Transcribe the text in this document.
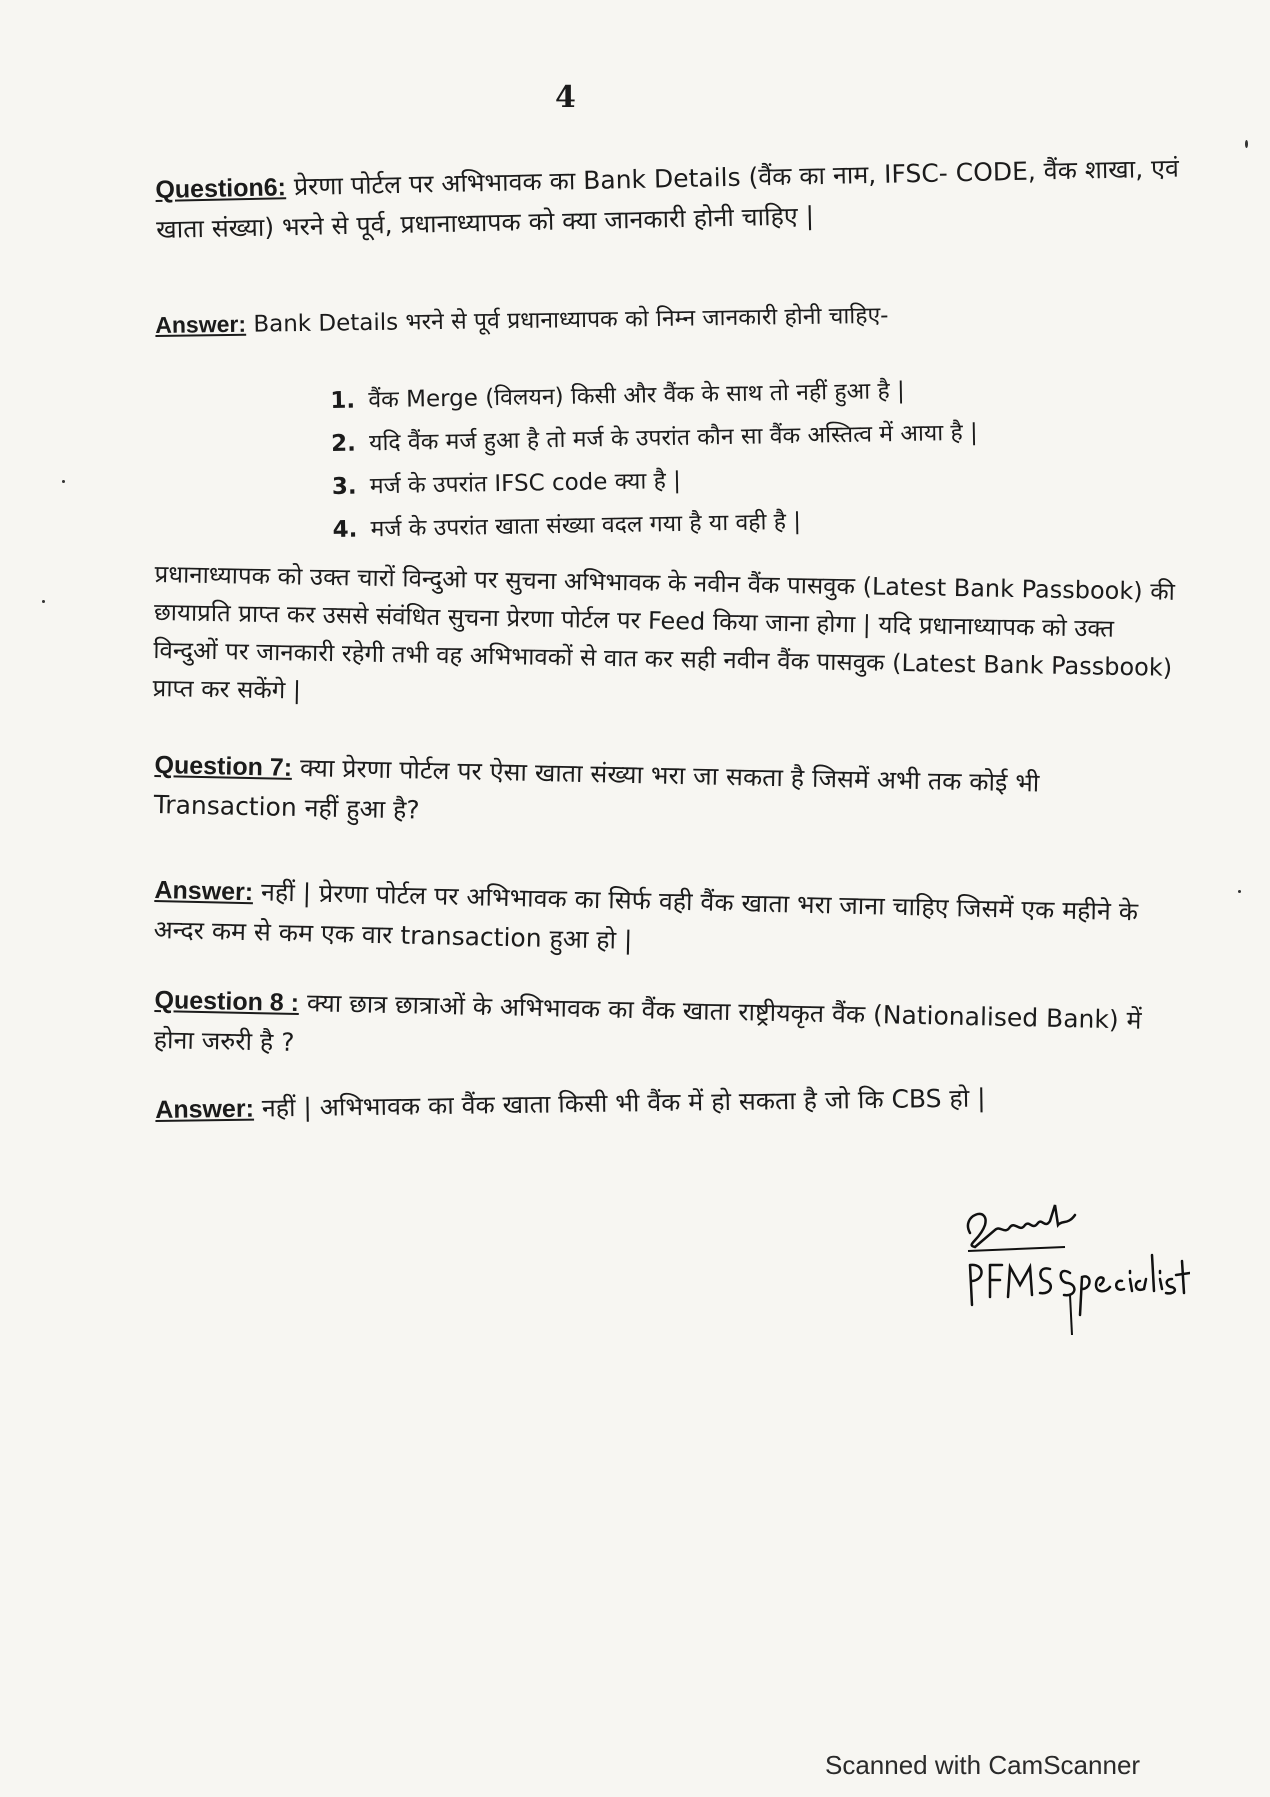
4
Question6: प्रेरणा पोर्टल पर अभिभावक का Bank Details (वैंक का नाम, IFSC- CODE, वैंक शाखा, एवं खाता संख्या) भरने से पूर्व, प्रधानाध्यापक को क्या जानकारी होनी चाहिए |
Answer: Bank Details भरने से पूर्व प्रधानाध्यापक को निम्न जानकारी होनी चाहिए-
1. वैंक Merge (विलयन) किसी और वैंक के साथ तो नहीं हुआ है |
2. यदि वैंक मर्ज हुआ है तो मर्ज के उपरांत कौन सा वैंक अस्तित्व में आया है |
3. मर्ज के उपरांत IFSC code क्या है |
4. मर्ज के उपरांत खाता संख्या वदल गया है या वही है |
प्रधानाध्यापक को उक्त चारों विन्दुओ पर सुचना अभिभावक के नवीन वैंक पासवुक (Latest Bank Passbook) की छायाप्रति प्राप्त कर उससे संवंधित सुचना प्रेरणा पोर्टल पर Feed किया जाना होगा | यदि प्रधानाध्यापक को उक्त विन्दुओं पर जानकारी रहेगी तभी वह अभिभावकों से वात कर सही नवीन वैंक पासवुक (Latest Bank Passbook) प्राप्त कर सकेंगे |
Question 7: क्या प्रेरणा पोर्टल पर ऐसा खाता संख्या भरा जा सकता है जिसमें अभी तक कोई भी Transaction नहीं हुआ है?
Answer: नहीं | प्रेरणा पोर्टल पर अभिभावक का सिर्फ वही वैंक खाता भरा जाना चाहिए जिसमें एक महीने के अन्दर कम से कम एक वार transaction हुआ हो |
Question 8 : क्या छात्र छात्राओं के अभिभावक का वैंक खाता राष्ट्रीयकृत वैंक (Nationalised Bank) में होना जरुरी है ?
Answer: नहीं | अभिभावक का वैंक खाता किसी भी वैंक में हो सकता है जो कि CBS हो |
Scanned with CamScanner
